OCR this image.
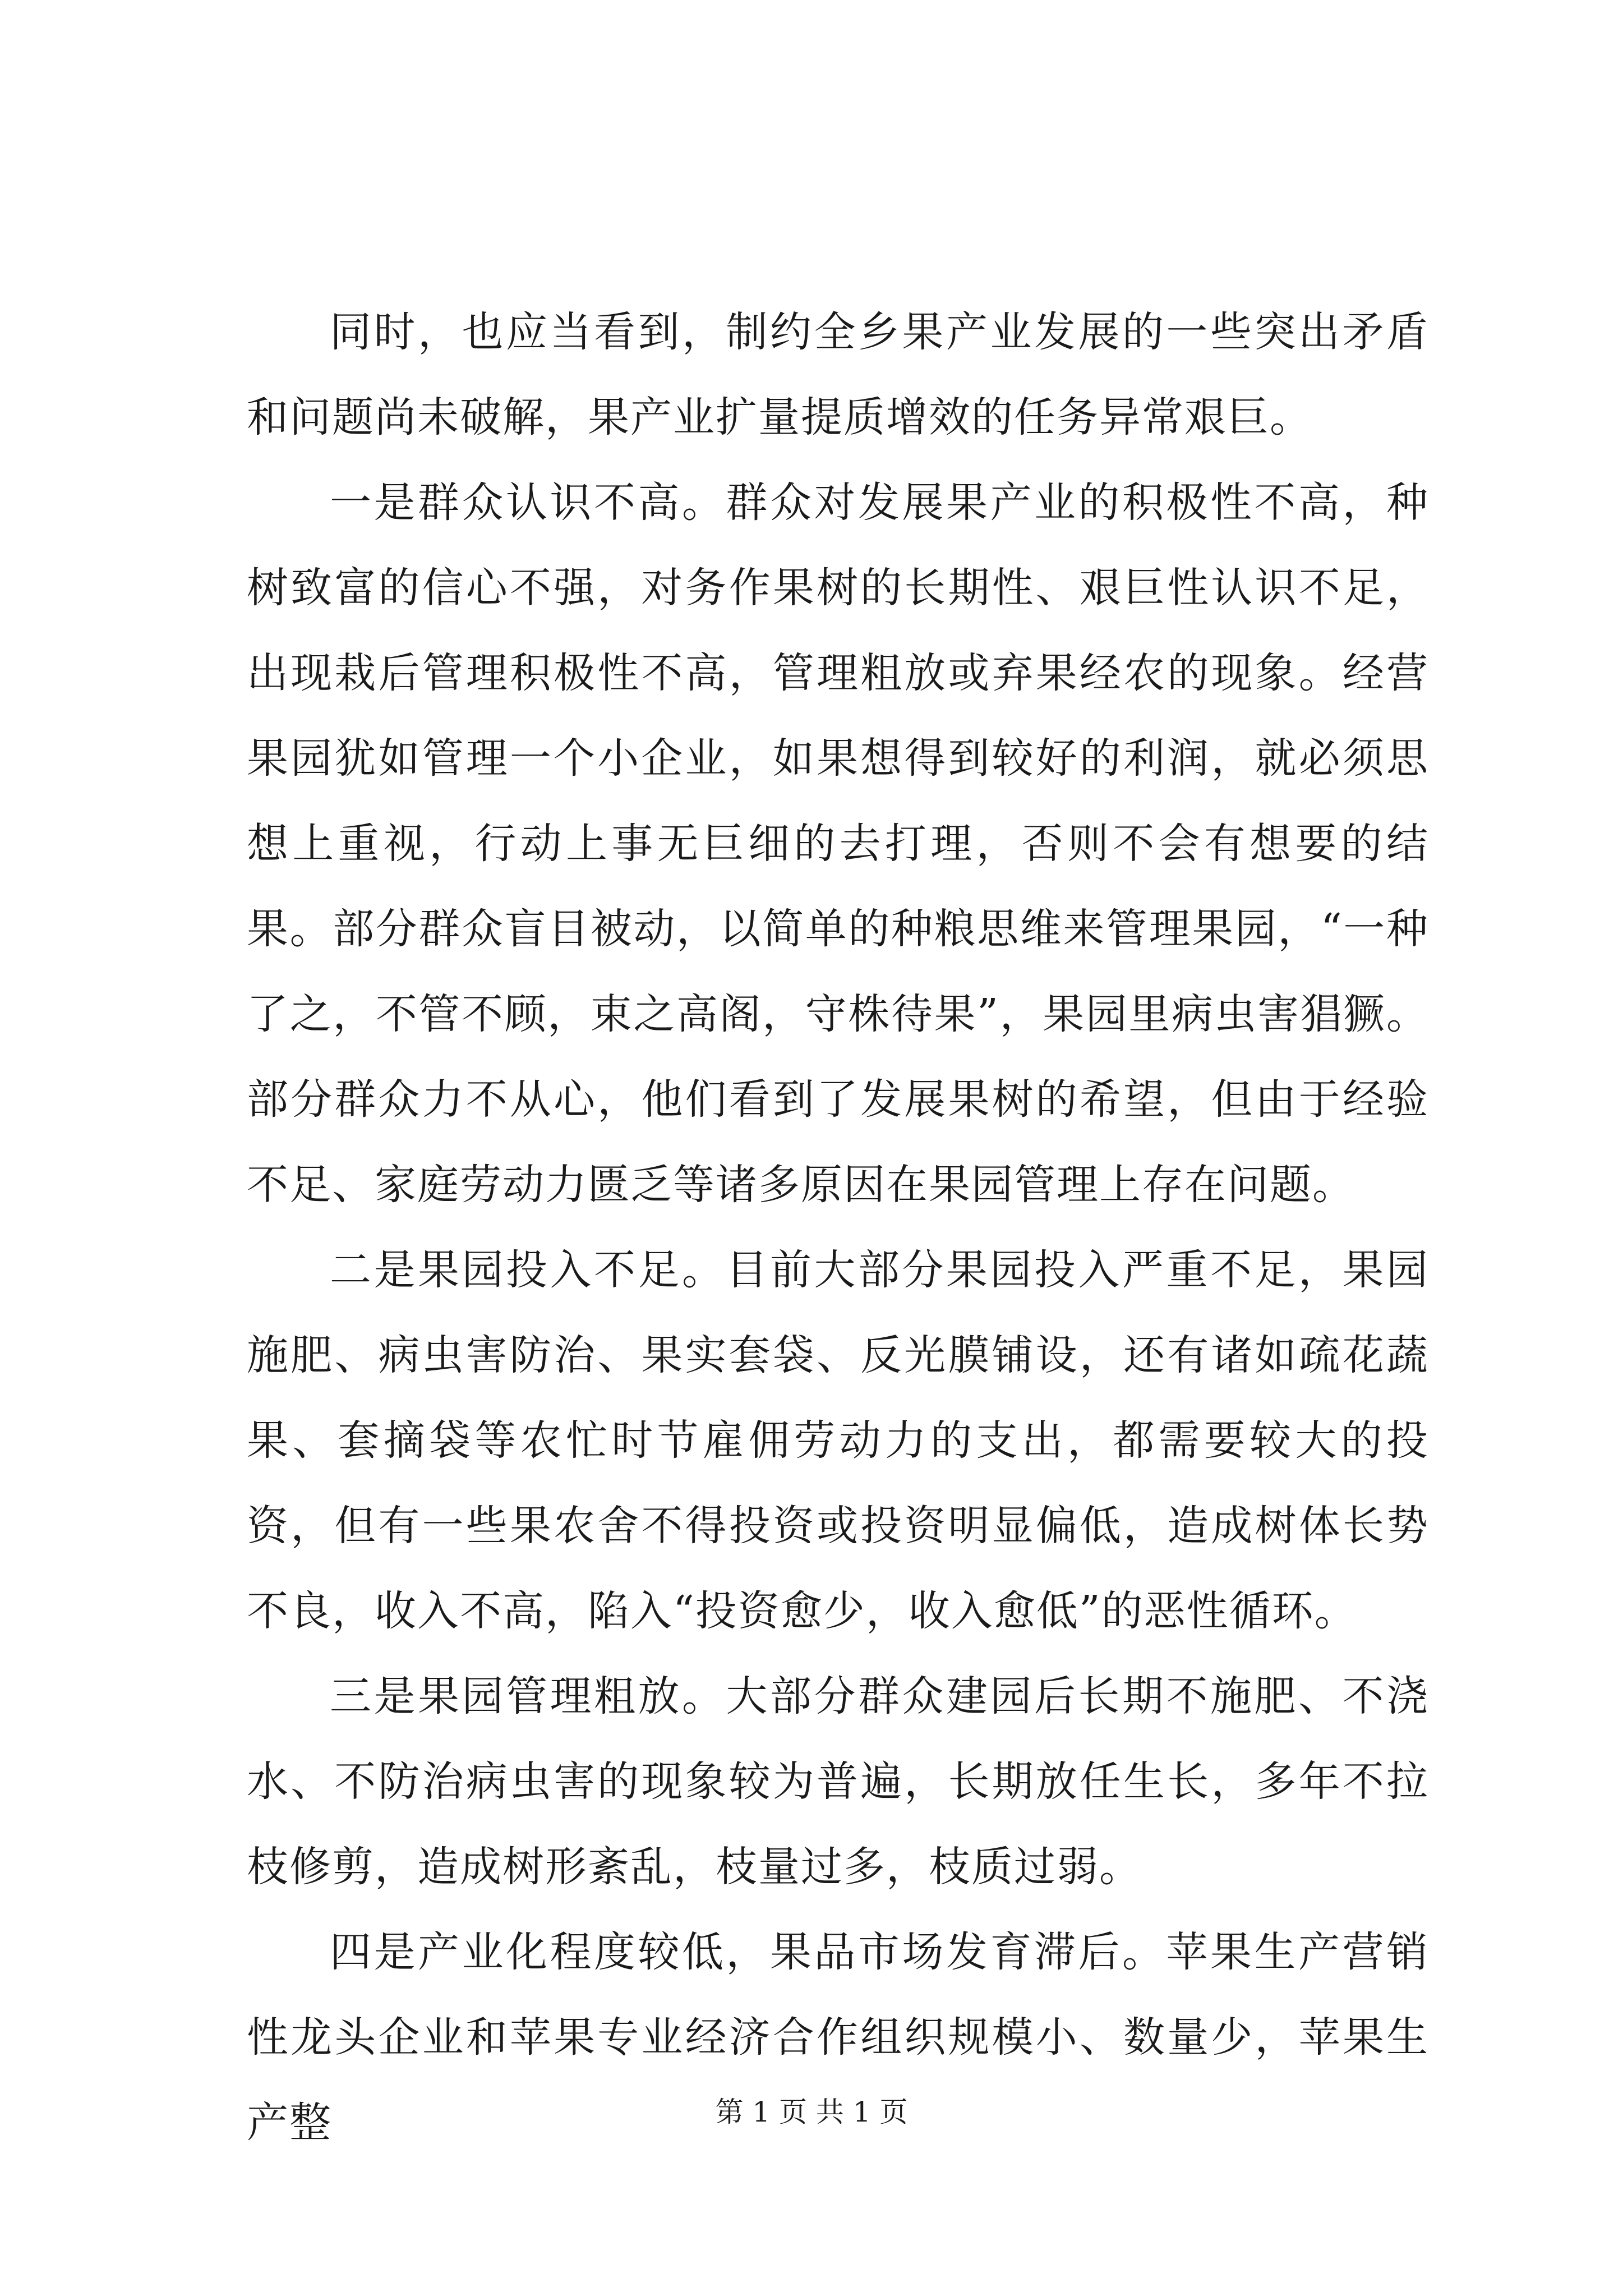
同时，也应当看到，制约全乡果产业发展的一些突出矛盾和问题尚未破解，果产业扩量提质增效的任务异常艰巨。

一是群众认识不高。群众对发展果产业的积极性不高，种树致富的信心不强，对务作果树的长期性、艰巨性认识不足，出现栽后管理积极性不高，管理粗放或弃果经农的现象。经营果园犹如管理一个小企业，如果想得到较好的利润，就必须思想上重视，行动上事无巨细的去打理，否则不会有想要的结果。部分群众盲目被动，以简单的种粮思维来管理果园，“一种了之，不管不顾，束之高阁，守株待果”，果园里病虫害猖獗。部分群众力不从心，他们看到了发展果树的希望，但由于经验不足、家庭劳动力匮乏等诸多原因在果园管理上存在问题。

二是果园投入不足。目前大部分果园投入严重不足，果园施肥、病虫害防治、果实套袋、反光膜铺设，还有诸如疏花蔬果、套摘袋等农忙时节雇佣劳动力的支出，都需要较大的投资，但有一些果农舍不得投资或投资明显偏低，造成树体长势不良，收入不高，陷入“投资愈少，收入愈低”的恶性循环。

三是果园管理粗放。大部分群众建园后长期不施肥、不浇水、不防治病虫害的现象较为普遍，长期放任生长，多年不拉枝修剪，造成树形紊乱，枝量过多，枝质过弱。

四是产业化程度较低，果品市场发育滞后。苹果生产营销性龙头企业和苹果专业经济合作组织规模小、数量少，苹果生产整	第 1 页 共 1 页
